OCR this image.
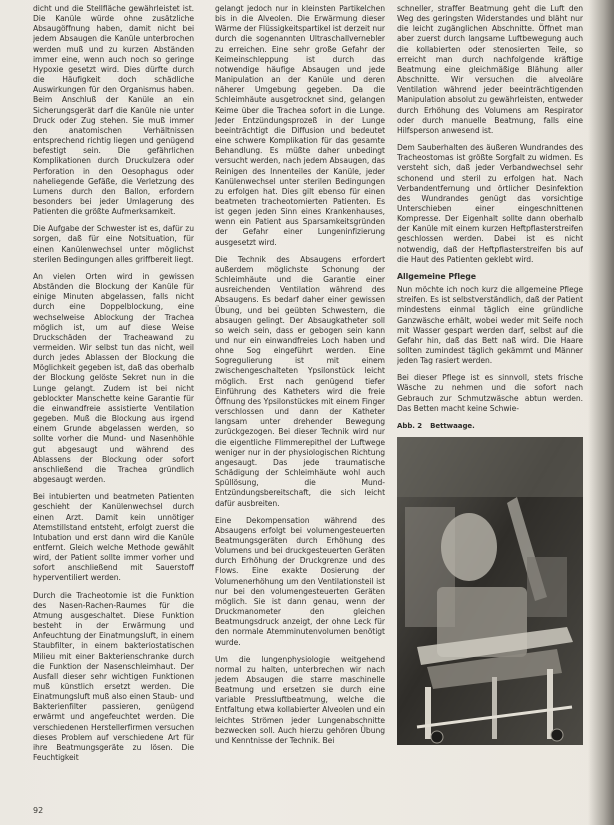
dicht und die Stellfläche gewährleistet ist. Die Kanüle würde ohne zusätzliche Absaugöffnung haben, damit nicht bei jedem Absaugen die Kanüle unterbrochen werden muß und zu kurzen Abständen immer eine, wenn auch noch so geringe Hypoxie gesetzt wird. Dies dürfte durch die Häufigkeit doch schädliche Auswirkungen für den Organismus haben. Beim Anschluß der Kanüle an ein Sicherungsgerät darf die Kanüle nie unter Druck oder Zug stehen. Sie muß immer den anatomischen Verhältnissen entsprechend richtig liegen und genügend befestigt sein. Die gefährlichen Komplikationen durch Druckulzera oder Perforation in den Oesophagus oder naheliegende Gefäße, die Verletzung des Lumens durch den Ballon, erfordern besonders bei jeder Umlagerung des Patienten die größte Aufmerksamkeit.

Die Aufgabe der Schwester ist es, dafür zu sorgen, daß für eine Notsituation, für einen Kanülenwechsel unter möglichst sterilen Bedingungen alles griffbereit liegt.

An vielen Orten wird in gewissen Abständen die Blockung der Kanüle für einige Minuten abgelassen, falls nicht durch eine Doppelblockung, eine wechselweise Ablockung der Trachea möglich ist, um auf diese Weise Druckschäden der Tracheawand zu vermeiden. Wir selbst tun das nicht, weil durch jedes Ablassen der Blockung die Möglichkeit gegeben ist, daß das oberhalb der Blockung gelöste Sekret nun in die Lunge gelangt. Zudem ist bei nicht geblockter Manschette keine Garantie für die einwandfreie assistierte Ventilation gegeben. Muß die Blockung aus irgend einem Grunde abgelassen werden, so sollte vorher die Mund- und Nasenhöhle gut abgesaugt und während des Ablassens der Blockung oder sofort anschließend die Trachea gründlich abgesaugt werden.

Bei intubierten und beatmeten Patienten geschieht der Kanülenwechsel durch einen Arzt. Damit kein unnötiger Atemstillstand entsteht, erfolgt zuerst die Intubation und erst dann wird die Kanüle entfernt. Gleich welche Methode gewählt wird, der Patient sollte immer vorher und sofort anschließend mit Sauerstoff hyperventiliert werden.

Durch die Tracheotomie ist die Funktion des Nasen-Rachen-Raumes für die Atmung ausgeschaltet. Diese Funktion besteht in der Erwärmung und Anfeuchtung der Einatmungsluft, in einem Staubfilter, in einem bakteriostatischen Milieu mit einer Bakterienschranke durch die Funktion der Nasenschleimhaut. Der Ausfall dieser sehr wichtigen Funktionen muß künstlich ersetzt werden. Die Einatmungsluft muß also einen Staub- und Bakterienfilter passieren, genügend erwärmt und angefeuchtet werden. Die verschiedenen Herstellerfirmen versuchen dieses Problem auf verschiedene Art für ihre Beatmungsgeräte zu lösen. Die Feuchtigkeit

gelangt jedoch nur in kleinsten Partikelchen bis in die Alveolen. Die Erwärmung dieser Wärme der Flüssigkeitspartikel ist derzeit nur durch die sogenannten Ultraschallvernebler zu erreichen. Eine sehr große Gefahr der Keimeinschleppung ist durch das notwendige häufige Absaugen und jede Manipulation an der Kanüle und deren näherer Umgebung gegeben. Da die Schleimhäute ausgetrocknet sind, gelangen Keime über die Trachea sofort in die Lunge. Jeder Entzündungsprozeß in der Lunge beeinträchtigt die Diffusion und bedeutet eine schwere Komplikation für das gesamte Behandlung. Es müßte daher unbedingt versucht werden, nach jedem Absaugen, das Reinigen des Innenteiles der Kanüle, jeder Kanülenwechsel unter sterilen Bedingungen zu erfolgen hat. Dies gilt ebenso für einen beatmeten tracheotomierten Patienten. Es ist gegen jeden Sinn eines Krankenhauses, wenn ein Patient aus Sparsamkeitsgründen der Gefahr einer Lungeninfizierung ausgesetzt wird.

Die Technik des Absaugens erfordert außerdem möglichste Schonung der Schleimhäute und die Garantie einer ausreichenden Ventilation während des Absaugens. Es bedarf daher einer gewissen Übung, und bei geübten Schwestern, die absaugen gelingt. Der Absaugkatheter soll so weich sein, dass er gebogen sein kann und nur ein einwandfreies Loch haben und ohne Sog eingeführt werden. Eine Sogregulierung ist mit einem zwischengeschalteten Ypsilonstück leicht möglich. Erst nach genügend tiefer Einführung des Katheters wird die freie Öffnung des Ypsilonstückes mit einem Finger verschlossen und dann der Katheter langsam unter drehender Bewegung zurückgezogen. Bei dieser Technik wird nur die eigentliche Flimmerepithel der Luftwege weniger nur in der physiologischen Richtung angesaugt. Das jede traumatische Schädigung der Schleimhäute wohl auch Spüllösung, die Mund-Entzündungsbereitschaft, die sich leicht dafür ausbreiten.

Eine Dekompensation während des Absaugens erfolgt bei volumengesteuerten Beatmungsgeräten durch Erhöhung des Volumens und bei druckgesteuerten Geräten durch Erhöhung der Druckgrenze und des Flows. Eine exakte Dosierung der Volumenerhöhung um den Ventilationsteil ist nur bei den volumengesteuerten Geräten möglich. Sie ist dann genau, wenn der Druckmanometer den gleichen Beatmungsdruck anzeigt, der ohne Leck für den normale Atemminutenvolumen benötigt wurde.

Um die lungenphysiologie weitgehend normal zu halten, unterbrechen wir nach jedem Absaugen die starre maschinelle Beatmung und ersetzen sie durch eine variable Pressluftbeatmung, welche die Entfaltung etwa kollabierter Alveolen und ein leichtes Strömen jeder Lungenabschnitte bezwecken soll. Auch hierzu gehören Übung und Kenntnisse der Technik. Bei

schneller, straffer Beatmung geht die Luft den Weg des geringsten Widerstandes und bläht nur die leicht zugänglichen Abschnitte. Öffnet man aber zuerst durch langsame Luftbewegung auch die kollabierten oder stenosierten Teile, so erreicht man durch nachfolgende kräftige Beatmung eine gleichmäßige Blähung aller Abschnitte. Wir versuchen die alveoläre Ventilation während jeder beeinträchtigenden Manipulation absolut zu gewährleisten, entweder durch Erhöhung des Volumens am Respirator oder durch manuelle Beatmung, falls eine Hilfsperson anwesend ist.

Dem Sauberhalten des äußeren Wundrandes des Tracheostomas ist größte Sorgfalt zu widmen. Es versteht sich, daß jeder Verbandwechsel sehr schonend und steril zu erfolgen hat. Nach Verbandentfernung und örtlicher Desinfektion des Wundrandes genügt das vorsichtige Unterschieben einer eingeschnittenen Kompresse. Der Eigenhalt sollte dann oberhalb der Kanüle mit einem kurzen Heftpflasterstreifen geschlossen werden. Dabei ist es nicht notwendig, daß der Heftpflasterstreifen bis auf die Haut des Patienten geklebt wird.

Allgemeine Pflege

Nun möchte ich noch kurz die allgemeine Pflege streifen. Es ist selbstverständlich, daß der Patient mindestens einmal täglich eine gründliche Ganzwäsche erhält, wobei weder mit Seife noch mit Wasser gespart werden darf, selbst auf die Gefahr hin, daß das Bett naß wird. Die Haare sollten zumindest täglich gekämmt und Männer jeden Tag rasiert werden.

Bei dieser Pflege ist es sinnvoll, stets frische Wäsche zu nehmen und die sofort nach Gebrauch zur Schmutzwäsche abtun werden. Das Betten macht keine Schwie-

Abb. 2 Bettwaage.
92
